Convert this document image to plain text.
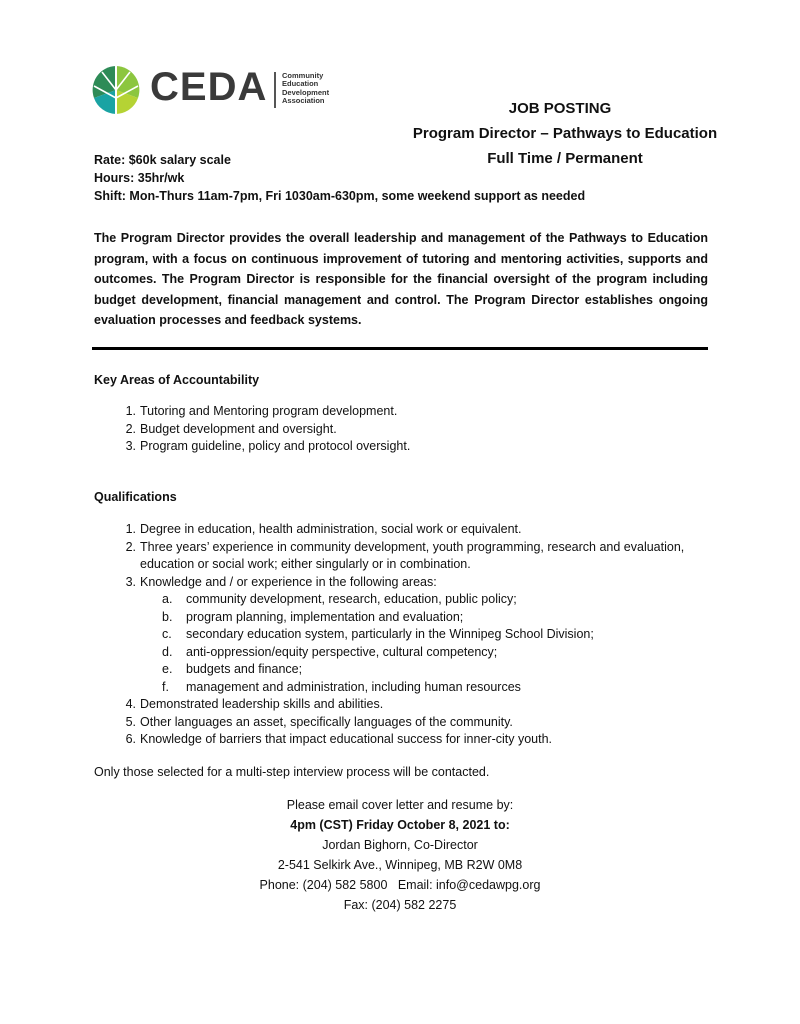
CEDA Community
Education
Development
Association	JOB POSTING
Program Director – Pathways to Education
Full Time / Permanent
Rate: $60k salary scale
Hours: 35hr/wk
Shift: Mon-Thurs 11am-7pm, Fri 1030am-630pm, some weekend support as needed
The Program Director provides the overall leadership and management of the Pathways to Education program, with a focus on continuous improvement of tutoring and mentoring activities, supports and outcomes. The Program Director is responsible for the financial oversight of the program including budget development, financial management and control. The Program Director establishes ongoing evaluation processes and feedback systems.
Key Areas of Accountability
1. Tutoring and Mentoring program development.
2. Budget development and oversight.
3. Program guideline, policy and protocol oversight.
Qualifications
1. Degree in education, health administration, social work or equivalent.
2. Three years’ experience in community development, youth programming, research and evaluation, education or social work; either singularly or in combination.
3. Knowledge and / or experience in the following areas:
a. community development, research, education, public policy;
b. program planning, implementation and evaluation;
c.	secondary education system, particularly in the Winnipeg School Division;
d. anti-oppression/equity perspective, cultural competency;
e. budgets and finance;
f.	management and administration, including human resources
4. Demonstrated leadership skills and abilities.
5. Other languages an asset, specifically languages of the community.
6. Knowledge of barriers that impact educational success for inner-city youth.
Only those selected for a multi-step interview process will be contacted.
Please email cover letter and resume by:
4pm (CST) Friday October 8, 2021 to:
Jordan Bighorn, Co-Director
2-541 Selkirk Ave., Winnipeg, MB R2W 0M8
Phone: (204) 582 5800   Email: info@cedawpg.org
Fax: (204) 582 2275
